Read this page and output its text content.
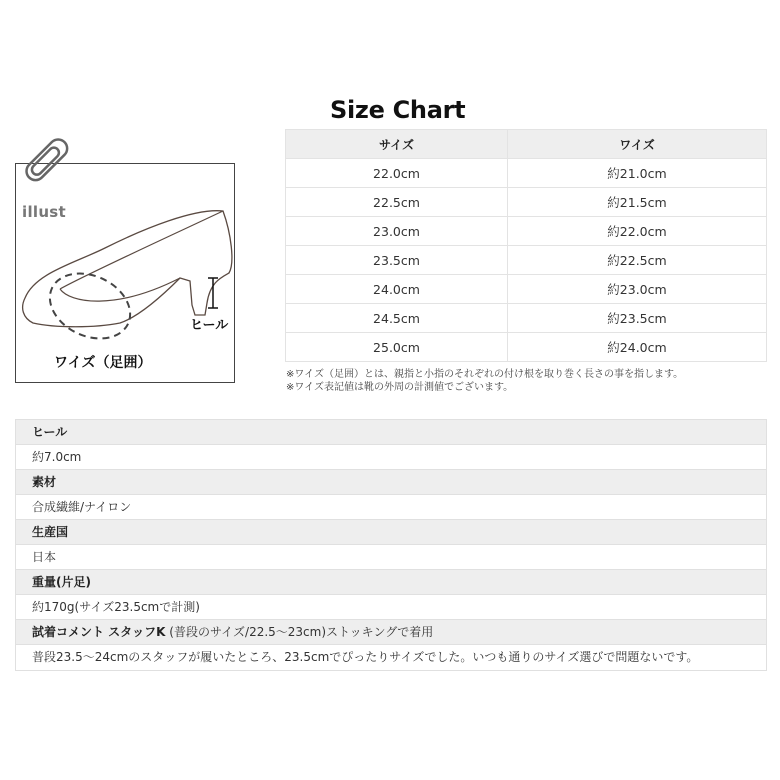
Size Chart
illust
ヒール
ワイズ（足囲）
サイズ	ワイズ
22.0cm	約21.0cm
22.5cm	約21.5cm
23.0cm	約22.0cm
23.5cm	約22.5cm
24.0cm	約23.0cm
24.5cm	約23.5cm
25.0cm	約24.0cm
※ワイズ（足囲）とは、親指と小指のそれぞれの付け根を取り巻く長さの事を指します。
※ワイズ表記値は靴の外周の計測値でございます。
ヒール
約7.0cm
素材
合成繊維/ナイロン
生産国
日本
重量(片足)
約170g(サイズ23.5cmで計測)
試着コメント スタッフK (普段のサイズ/22.5～23cm)ストッキングで着用
普段23.5～24cmのスタッフが履いたところ、23.5cmでぴったりサイズでした。いつも通りのサイズ選びで問題ないです。
